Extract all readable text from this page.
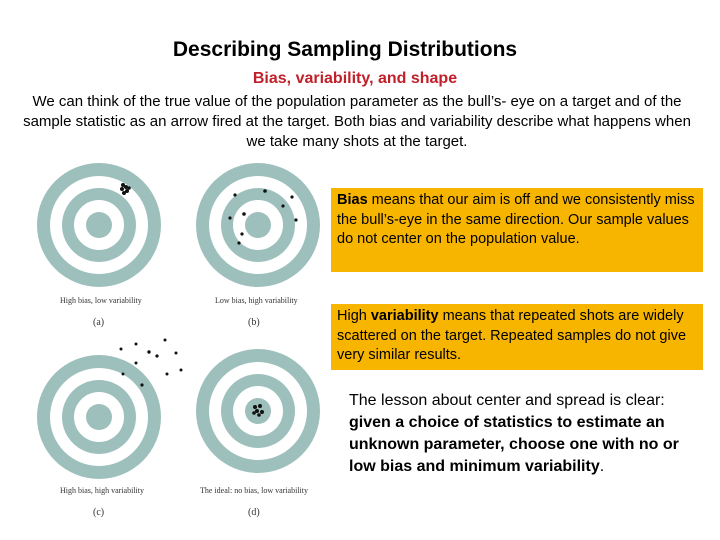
Describing Sampling Distributions
Bias, variability, and shape
We can think of the true value of the population parameter as the bull’s- eye on a target and of the sample statistic as an arrow fired at the target. Both bias and variability describe what happens when we take many shots at the target.
High bias, low variability
(a)
Low bias, high variability
(b)
High bias, high variability
(c)
The ideal: no bias, low variability
(d)
Bias means that our aim is off and we consistently miss the bull’s-eye in the same direction. Our sample values do not center on the population value.
High variability means that repeated shots are widely scattered on the target. Repeated samples do not give very similar results.
The lesson about center and spread is clear: given a choice of statistics to estimate an unknown parameter, choose one with no or low bias and minimum variability.
